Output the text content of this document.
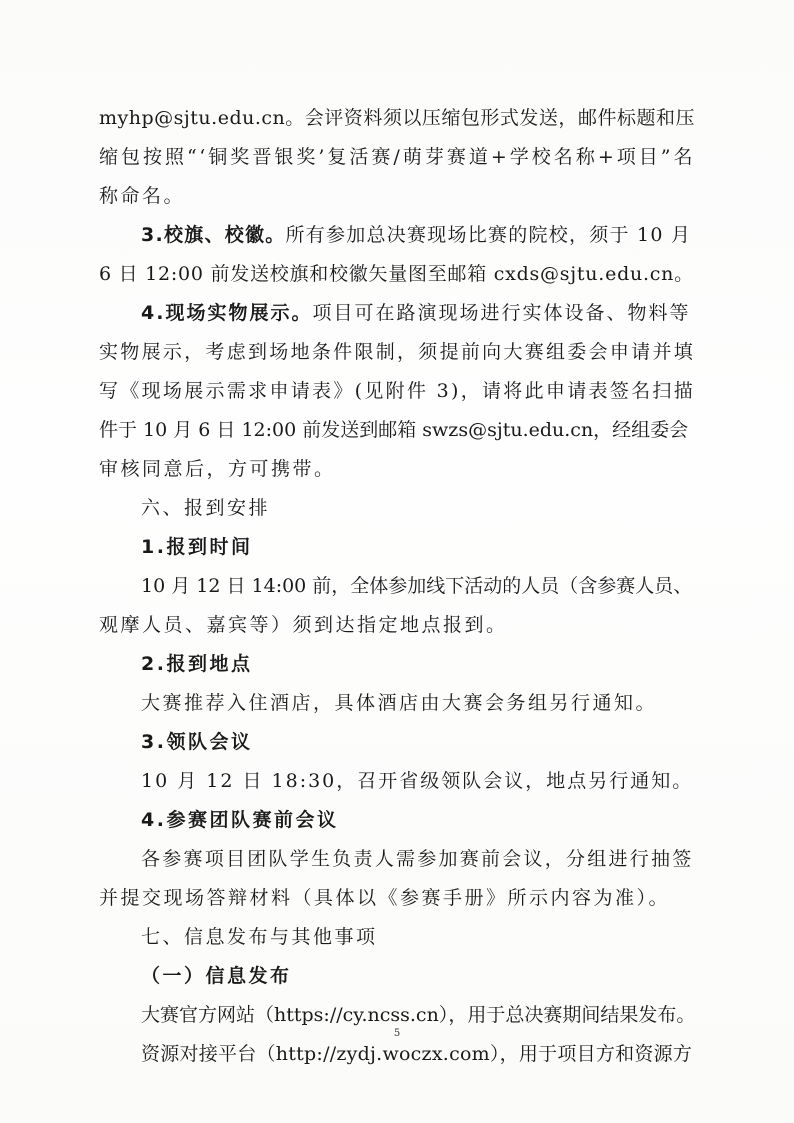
myhp@sjtu.edu.cn。会评资料须以压缩包形式发送，邮件标题和压
缩包按照“‘铜奖晋银奖’复活赛/萌芽赛道+学校名称+项目”名
称命名。
3.校旗、校徽。所有参加总决赛现场比赛的院校，须于 10 月
6 日 12:00 前发送校旗和校徽矢量图至邮箱 cxds@sjtu.edu.cn。
4.现场实物展示。项目可在路演现场进行实体设备、物料等
实物展示，考虑到场地条件限制，须提前向大赛组委会申请并填
写《现场展示需求申请表》(见附件 3)，请将此申请表签名扫描
件于 10 月 6 日 12:00 前发送到邮箱 swzs@sjtu.edu.cn，经组委会
审核同意后，方可携带。
六、报到安排
1.报到时间
10 月 12 日 14:00 前，全体参加线下活动的人员（含参赛人员、
观摩人员、嘉宾等）须到达指定地点报到。
2.报到地点
大赛推荐入住酒店，具体酒店由大赛会务组另行通知。
3.领队会议
10 月 12 日 18:30，召开省级领队会议，地点另行通知。
4.参赛团队赛前会议
各参赛项目团队学生负责人需参加赛前会议，分组进行抽签
并提交现场答辩材料（具体以《参赛手册》所示内容为准）。
七、信息发布与其他事项
（一）信息发布
大赛官方网站（https://cy.ncss.cn），用于总决赛期间结果发布。
资源对接平台（http://zydj.woczx.com），用于项目方和资源方
5
